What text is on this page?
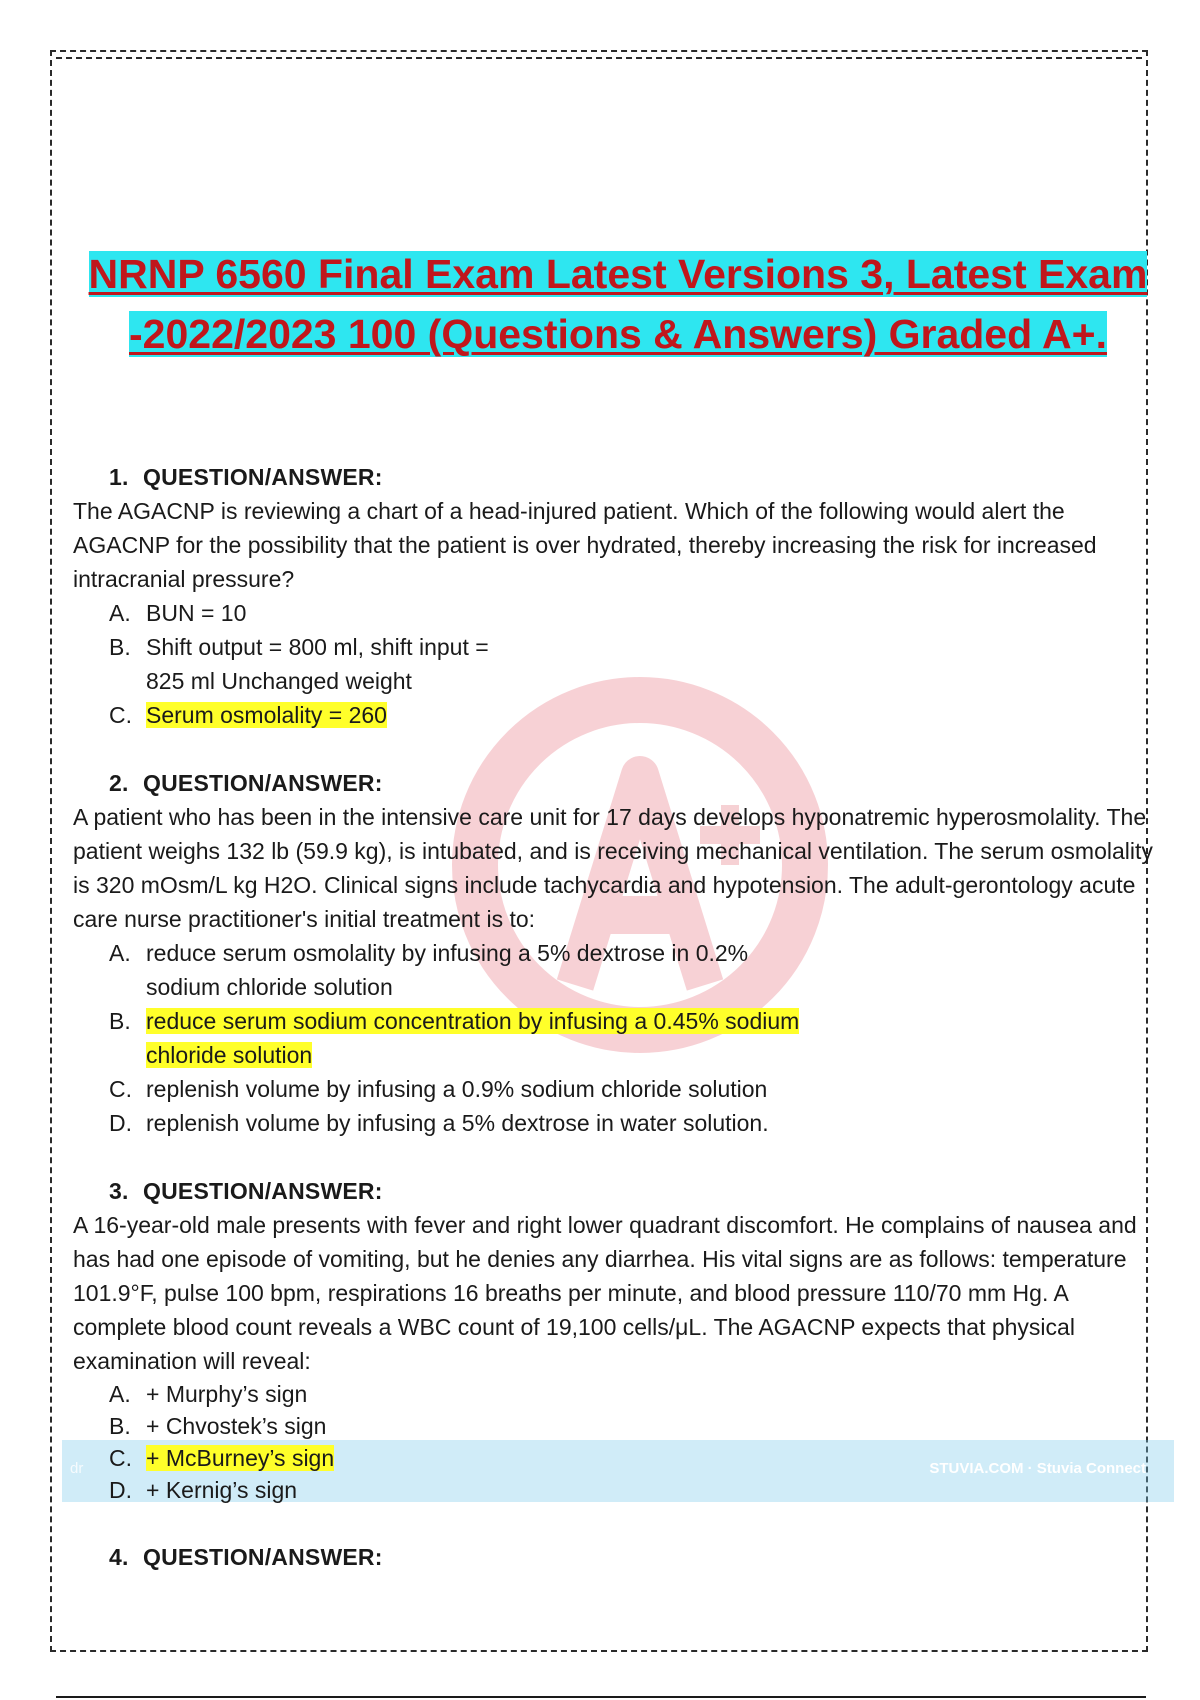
NRNP 6560 Final Exam Latest Versions 3, Latest Exam
-2022/2023 100 (Questions & Answers) Graded A+.
dr	STUVIA.COM · Stuvia Connect
1. QUESTION/ANSWER:

The AGACNP is reviewing a chart of a head-injured patient. Which of the following would alert the AGACNP for the possibility that the patient is over hydrated, thereby increasing the risk for increased intracranial pressure?

A. BUN = 10
B. Shift output = 800 ml, shift input =
825 ml Unchanged weight
C. Serum osmolality = 260
2. QUESTION/ANSWER:

A patient who has been in the intensive care unit for 17 days develops hyponatremic hyperosmolality. The patient weighs 132 lb (59.9 kg), is intubated, and is receiving mechanical ventilation. The serum osmolality is 320 mOsm/L kg H2O. Clinical signs include tachycardia and hypotension. The adult-gerontology acute care nurse practitioner's initial treatment is to:

A. reduce serum osmolality by infusing a 5% dextrose in 0.2%
sodium chloride solution
B. reduce serum sodium concentration by infusing a 0.45% sodium
chloride solution
C. replenish volume by infusing a 0.9% sodium chloride solution
D. replenish volume by infusing a 5% dextrose in water solution.
3. QUESTION/ANSWER:

A 16-year-old male presents with fever and right lower quadrant discomfort. He complains of nausea and has had one episode of vomiting, but he denies any diarrhea. His vital signs are as follows: temperature 101.9°F, pulse 100 bpm, respirations 16 breaths per minute, and blood pressure 110/70 mm Hg. A complete blood count reveals a WBC count of 19,100 cells/μL. The AGACNP expects that physical examination will reveal:

A. + Murphy’s sign
B. + Chvostek’s sign
C. + McBurney’s sign
D. + Kernig’s sign
4. QUESTION/ANSWER:
